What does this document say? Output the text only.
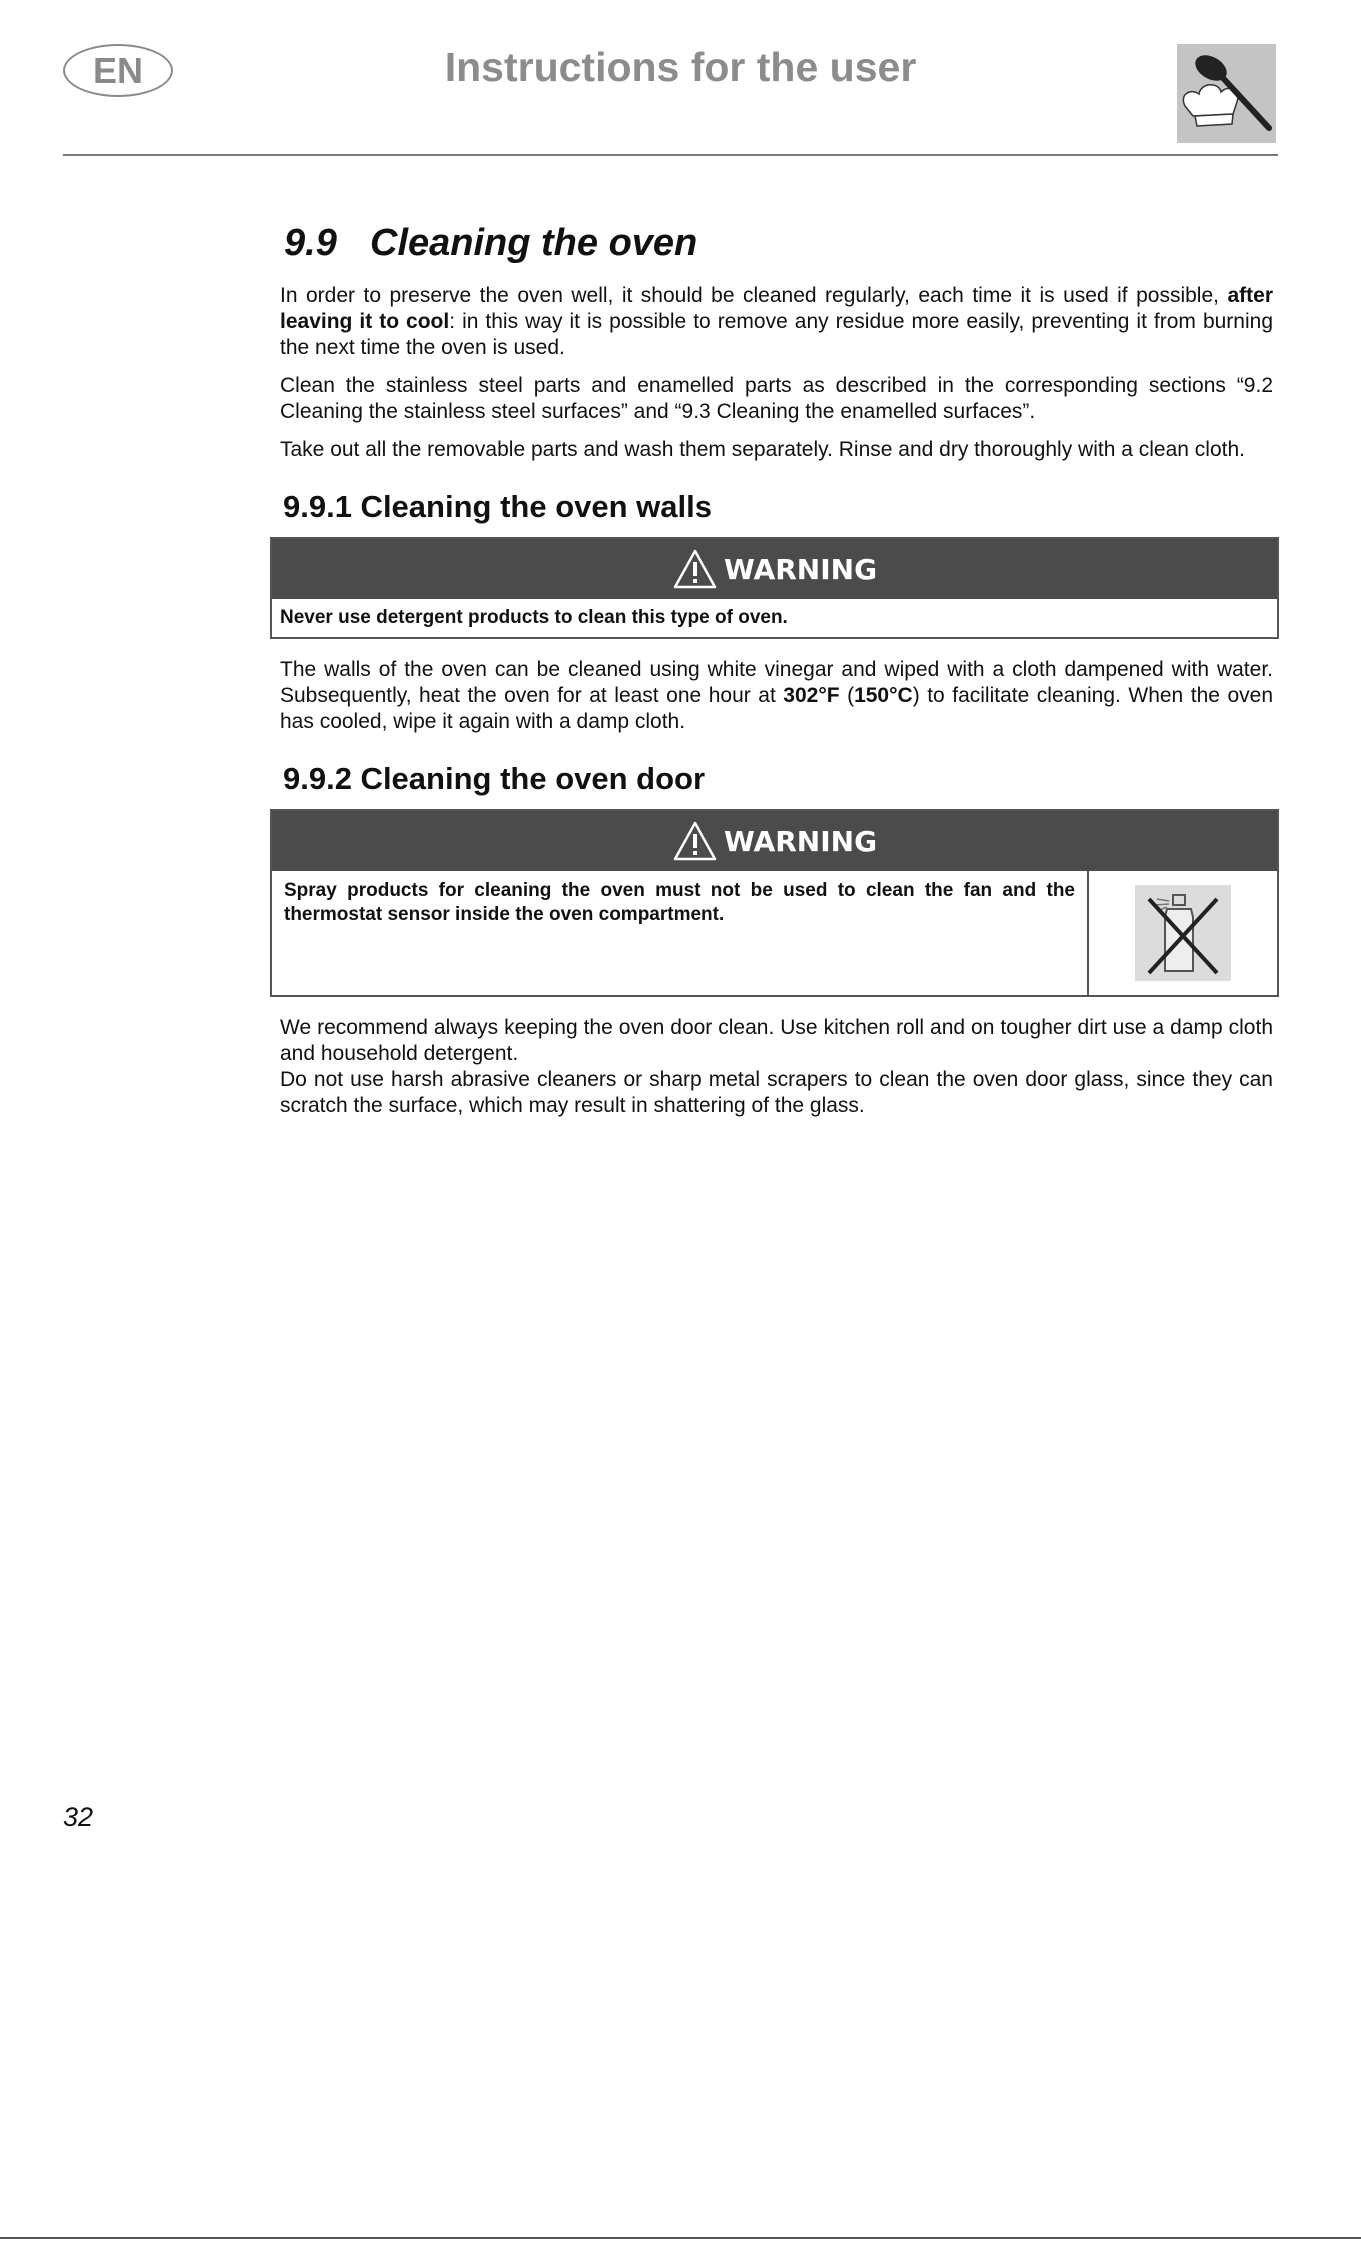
EN	Instructions for the user
9.9 Cleaning the oven

In order to preserve the oven well, it should be cleaned regularly, each time it is used if possible, after leaving it to cool: in this way it is possible to remove any residue more easily, preventing it from burning the next time the oven is used.

Clean the stainless steel parts and enamelled parts as described in the corresponding sections “9.2 Cleaning the stainless steel surfaces” and “9.3 Cleaning the enamelled surfaces”.

Take out all the removable parts and wash them separately. Rinse and dry thoroughly with a clean cloth.

9.9.1 Cleaning the oven walls
WARNING
Never use detergent products to clean this type of oven.

The walls of the oven can be cleaned using white vinegar and wiped with a cloth dampened with water. Subsequently, heat the oven for at least one hour at 302°F (150°C) to facilitate cleaning. When the oven has cooled, wipe it again with a damp cloth.

9.9.2 Cleaning the oven door
WARNING
Spray products for cleaning the oven must not be used to clean the fan and the thermostat sensor inside the oven compartment.

We recommend always keeping the oven door clean. Use kitchen roll and on tougher dirt use a damp cloth and household detergent.

Do not use harsh abrasive cleaners or sharp metal scrapers to clean the oven door glass, since they can scratch the surface, which may result in shattering of the glass.

32
